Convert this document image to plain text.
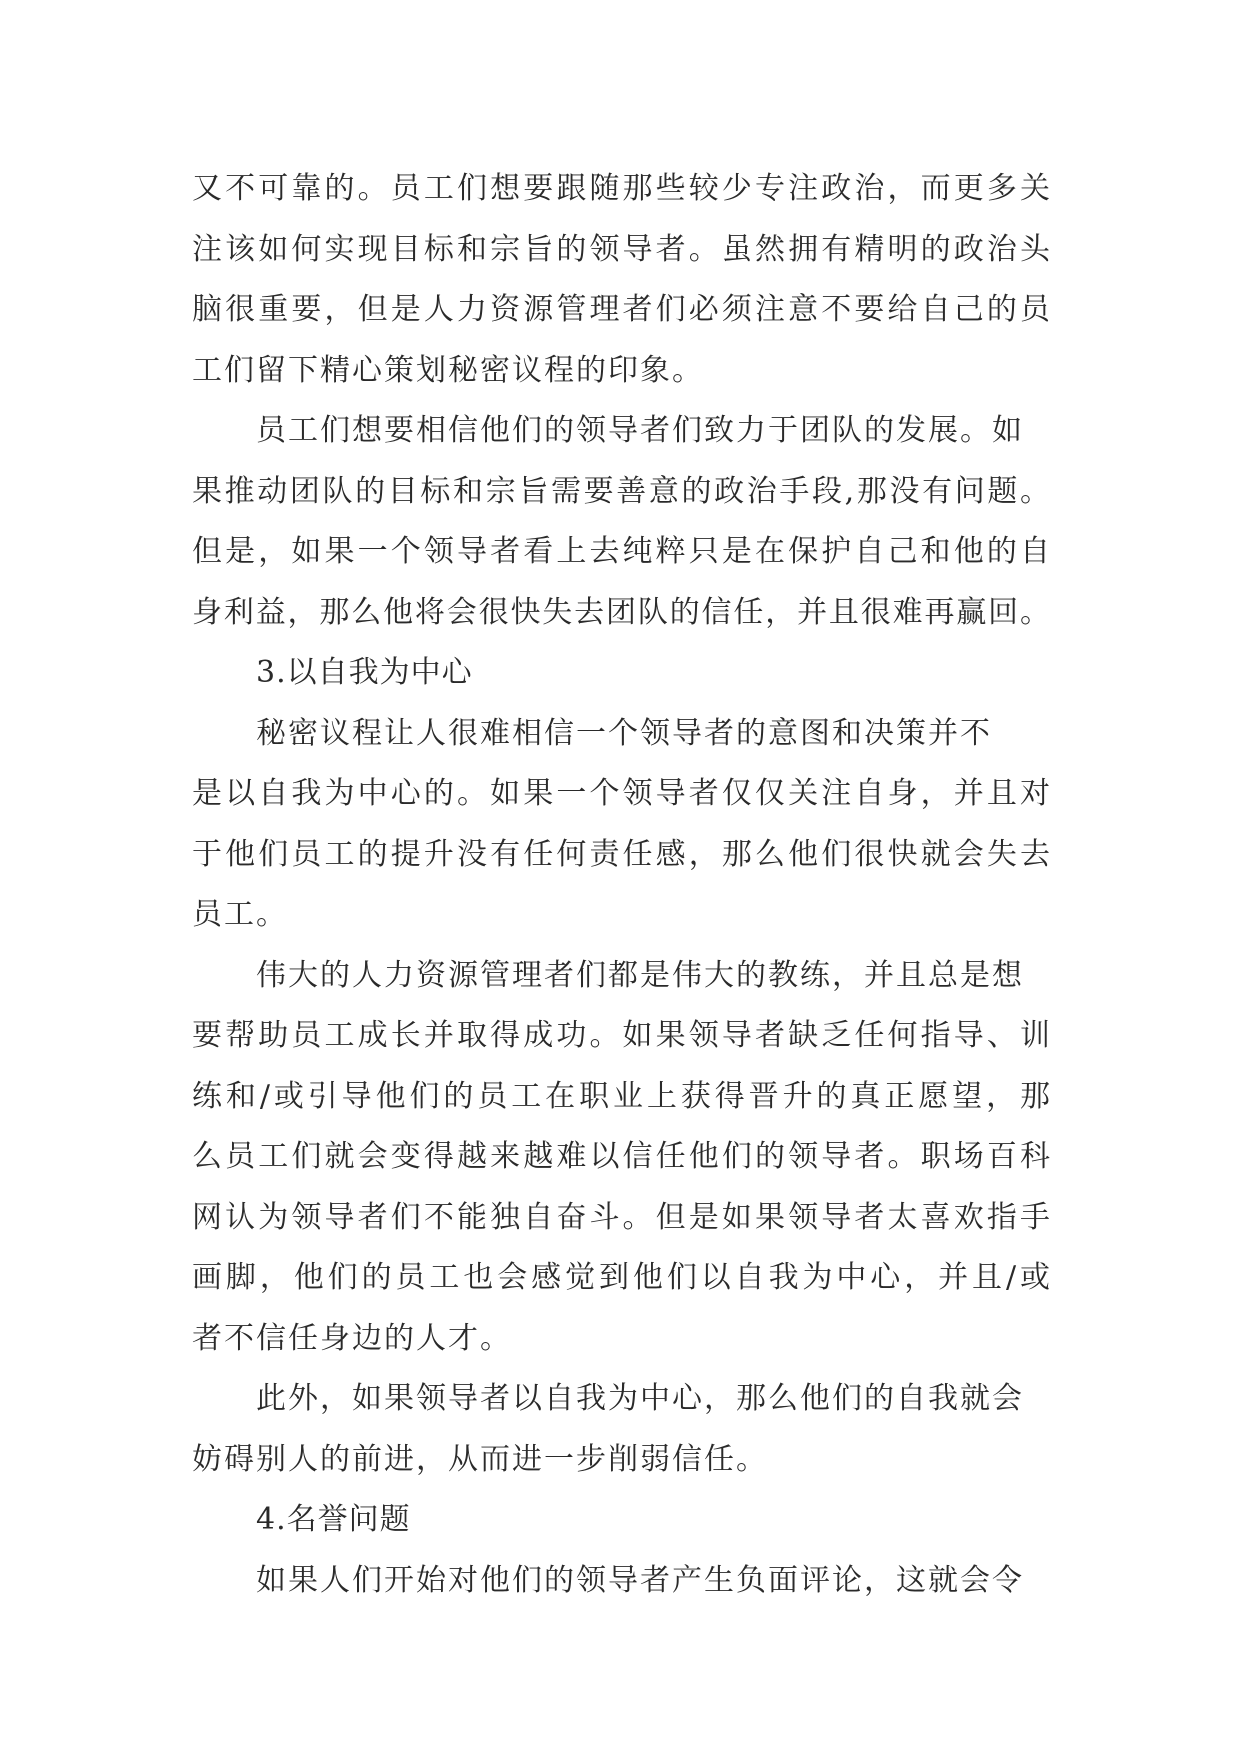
又不可靠的。员工们想要跟随那些较少专注政治，而更多关
注该如何实现目标和宗旨的领导者。虽然拥有精明的政治头
脑很重要，但是人力资源管理者们必须注意不要给自己的员
工们留下精心策划秘密议程的印象。
员工们想要相信他们的领导者们致力于团队的发展。如
果推动团队的目标和宗旨需要善意的政治手段,那没有问题。
但是，如果一个领导者看上去纯粹只是在保护自己和他的自
身利益，那么他将会很快失去团队的信任，并且很难再赢回。
3.以自我为中心
秘密议程让人很难相信一个领导者的意图和决策并不
是以自我为中心的。如果一个领导者仅仅关注自身，并且对
于他们员工的提升没有任何责任感，那么他们很快就会失去
员工。
伟大的人力资源管理者们都是伟大的教练，并且总是想
要帮助员工成长并取得成功。如果领导者缺乏任何指导、训
练和/或引导他们的员工在职业上获得晋升的真正愿望，那
么员工们就会变得越来越难以信任他们的领导者。职场百科
网认为领导者们不能独自奋斗。但是如果领导者太喜欢指手
画脚，他们的员工也会感觉到他们以自我为中心，并且/或
者不信任身边的人才。
此外，如果领导者以自我为中心，那么他们的自我就会
妨碍别人的前进，从而进一步削弱信任。
4.名誉问题
如果人们开始对他们的领导者产生负面评论，这就会令
